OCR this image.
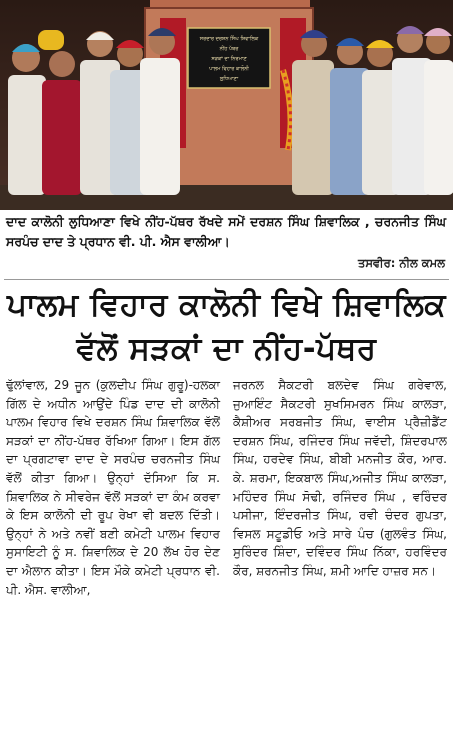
ਸਰਦਾਰ ਦਰਸ਼ਨ ਸਿੰਘ ਸ਼ਿਵਾਲਿਕ
ਨੀਂਹ ਪੱਥਰ
ਸੜਕਾਂ ਦਾ ਨਿਰਮਾਣ
ਪਾਲਮ ਵਿਹਾਰ ਕਾਲੋਨੀ
ਲੁਧਿਆਣਾ

ਦਾਦ ਕਾਲੋਨੀ ਲੁਧਿਆਣਾ ਵਿਖੇ ਨੀਂਹ-ਪੱਥਰ ਰੱਖਦੇ ਸਮੇਂ ਦਰਸ਼ਨ ਸਿੰਘ ਸ਼ਿਵਾਲਿਕ , ਚਰਨਜੀਤ ਸਿੰਘ ਸਰਪੰਚ ਦਾਦ ਤੇ ਪ੍ਰਧਾਨ ਵੀ. ਪੀ. ਐਸ ਵਾਲੀਆ।

ਤਸਵੀਰ: ਨੀਲ ਕਮਲ
ਪਾਲਮ ਵਿਹਾਰ ਕਾਲੋਨੀ ਵਿਖੇ ਸ਼ਿਵਾਲਿਕ
ਵੱਲੋਂ ਸੜਕਾਂ ਦਾ ਨੀਂਹ-ਪੱਥਰ

ਢੁੱਲਾਂਵਾਲ, 29 ਜੂਨ (ਕੁਲਦੀਪ ਸਿੰਘ ਗੁਰੂ)-ਹਲਕਾ ਗਿੱਲ ਦੇ ਅਧੀਨ ਆਉਂਦੇ ਪਿੰਡ ਦਾਦ ਦੀ ਕਾਲੋਨੀ ਪਾਲਮ ਵਿਹਾਰ ਵਿਖੇ ਦਰਸ਼ਨ ਸਿੰਘ ਸ਼ਿਵਾਲਿਕ ਵੱਲੋਂ ਸੜਕਾਂ ਦਾ ਨੀਂਹ-ਪੱਥਰ ਰੱਖਿਆ ਗਿਆ। ਇਸ ਗੱਲ ਦਾ ਪ੍ਰਗਟਾਵਾ ਦਾਦ ਦੇ ਸਰਪੰਚ ਚਰਨਜੀਤ ਸਿੰਘ ਵੱਲੋਂ ਕੀਤਾ ਗਿਆ। ਉਨ੍ਹਾਂ ਦੱਸਿਆ ਕਿ ਸ. ਸ਼ਿਵਾਲਿਕ ਨੇ ਸੀਵਰੇਜ ਵੱਲੋਂ ਸੜਕਾਂ ਦਾ ਕੰਮ ਕਰਵਾ ਕੇ ਇਸ ਕਾਲੋਨੀ ਦੀ ਰੂਪ ਰੇਖਾ ਵੀ ਬਦਲ ਦਿੱਤੀ। ਉਨ੍ਹਾਂ ਨੇ ਅਤੇ ਨਵੀਂ ਬਣੀ ਕਮੇਟੀ ਪਾਲਮ ਵਿਹਾਰ ਸੁਸਾਇਟੀ ਨੂੰ ਸ. ਸ਼ਿਵਾਲਿਕ ਦੇ 20 ਲੱਖ ਹੋਰ ਦੇਣ ਦਾ ਐਲਾਨ ਕੀਤਾ। ਇਸ ਮੌਕੇ ਕਮੇਟੀ ਪ੍ਰਧਾਨ ਵੀ. ਪੀ. ਐਸ. ਵਾਲੀਆ,

ਜਰਨਲ ਸੈਕਟਰੀ ਬਲਦੇਵ ਸਿੰਘ ਗਰੇਵਾਲ, ਜੁਆਇੰਟ ਸੈਕਟਰੀ ਸੁਖਸਿਮਰਨ ਸਿੰਘ ਕਾਲੜਾ, ਕੈਸ਼ੀਅਰ ਸਰਬਜੀਤ ਸਿੰਘ, ਵਾਈਸ ਪ੍ਰੈਜ਼ੀਡੈਂਟ ਦਰਸ਼ਨ ਸਿੰਘ, ਰਜਿੰਦਰ ਸਿੰਘ ਜਵੱਦੀ, ਸ਼ਿੰਦਰਪਾਲ ਸਿੰਘ, ਹਰਦੇਵ ਸਿੰਘ, ਬੀਬੀ ਮਨਜੀਤ ਕੌਰ, ਆਰ. ਕੇ. ਸ਼ਰਮਾ, ਇਕਬਾਲ ਸਿੰਘ,ਅਜੀਤ ਸਿੰਘ ਕਾਲੜਾ, ਮਹਿੰਦਰ ਸਿੰਘ ਸੋਢੀ, ਰਜਿੰਦਰ ਸਿੰਘ , ਵਰਿੰਦਰ ਪਸੀਜਾ, ਇੰਦਰਜੀਤ ਸਿੰਘ, ਰਵੀ ਚੰਦਰ ਗੁਪਤਾ, ਵਿਸਲ ਸਟੂਡੀਓ ਅਤੇ ਸਾਰੇ ਪੰਚ (ਗੁਲਵੰਤ ਸਿੰਘ, ਸੁਰਿੰਦਰ ਸ਼ਿੰਦਾ, ਦਵਿੰਦਰ ਸਿੰਘ ਨਿੱਕਾ, ਹਰਵਿੰਦਰ ਕੌਰ, ਸ਼ਰਨਜੀਤ ਸਿੰਘ, ਸ਼ਮੀ ਆਦਿ ਹਾਜ਼ਰ ਸਨ।
